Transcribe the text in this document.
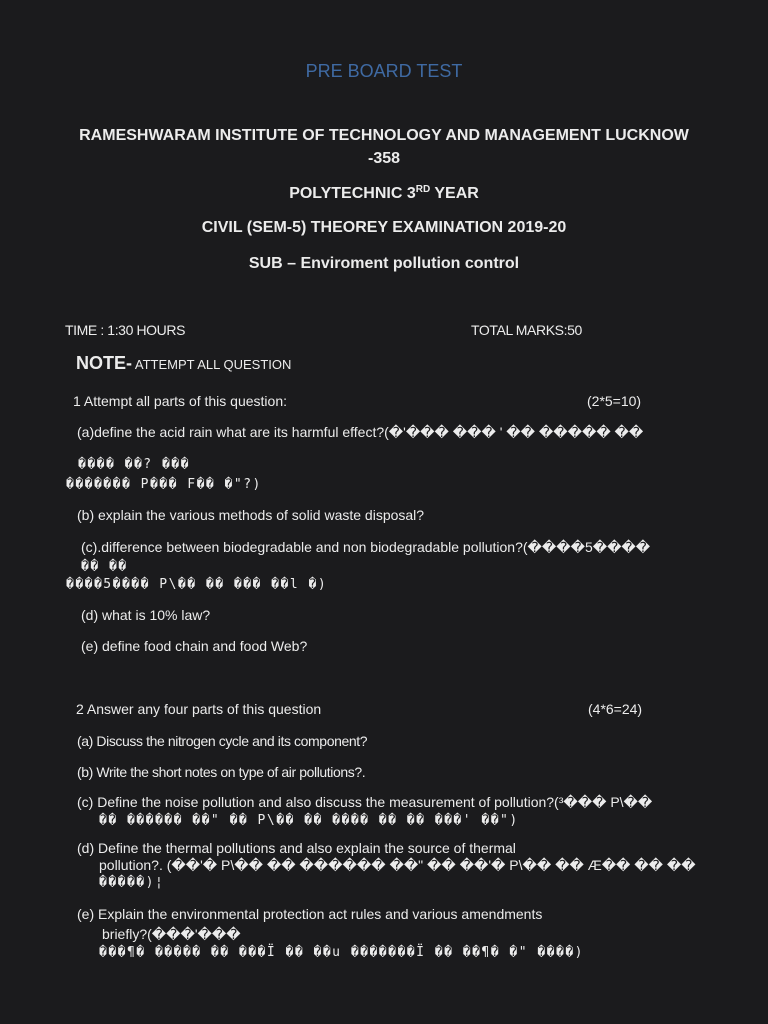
PRE BOARD TEST
RAMESHWARAM INSTITUTE OF TECHNOLOGY AND MANAGEMENT LUCKNOW
-358
POLYTECHNIC 3RD YEAR
CIVIL (SEM-5) THEOREY EXAMINATION 2019-20
SUB – Enviroment pollution control
TIME : 1:30 HOURS	TOTAL MARKS:50
NOTE- ATTEMPT ALL QUESTION
1 Attempt all parts of this question:	(2*5=10)
(a)define the acid rain what are its harmful effect?(�'��� ��� ' �� ����� ��
���� ��? ���
������� P��� F�� �"?)
(b) explain the various methods of solid waste disposal?
(c).difference between biodegradable and non biodegradable pollution?(����5����
�� ��
����5���� P\�� �� ��� ��l �)
(d) what is 10% law?
(e) define food chain and food Web?
2 Answer any four parts of this question	(4*6=24)
(a) Discuss the nitrogen cycle and its component?
(b) Write the short notes on type of air pollutions?.
(c) Define the noise pollution and also discuss the measurement of pollution?(³��� P\��
�� ������ ��" �� P\�� �� ���� �� �� ���' ��")
(d) Define the thermal pollutions and also explain the source of thermal
pollution?. (��'� P\�� �� ������ ��" �� ��'� P\�� �� Æ�� �� ��
�����)¦
(e) Explain the environmental protection act rules and various amendments
briefly?(���'���
���¶� ����� �� ���Ï �� ��u �������Ï �� ��¶� �" ����)
